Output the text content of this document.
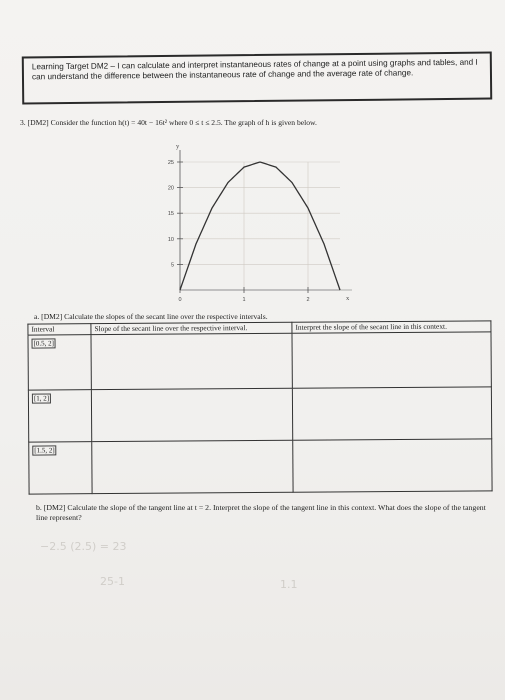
Learning Target DM2 – I can calculate and interpret instantaneous rates of change at a point using graphs and tables, and I can understand the difference between the instantaneous rate of change and the average rate of change.
3. [DM2] Consider the function h(t) = 40t − 16t² where 0 ≤ t ≤ 2.5. The graph of h is given below.
25
20
15
10
5
0	1	2
y
x
a. [DM2] Calculate the slopes of the secant line over the respective intervals.
Interval	Slope of the secant line over the respective interval.	Interpret the slope of the secant line in this context.
[0.5, 2]		
[1, 2]		
[1.5, 2]		
b. [DM2] Calculate the slope of the tangent line at t = 2. Interpret the slope of the tangent line in this context. What does the slope of the tangent line represent?
−2.5 (2.5) = 23
25-1	1.1
